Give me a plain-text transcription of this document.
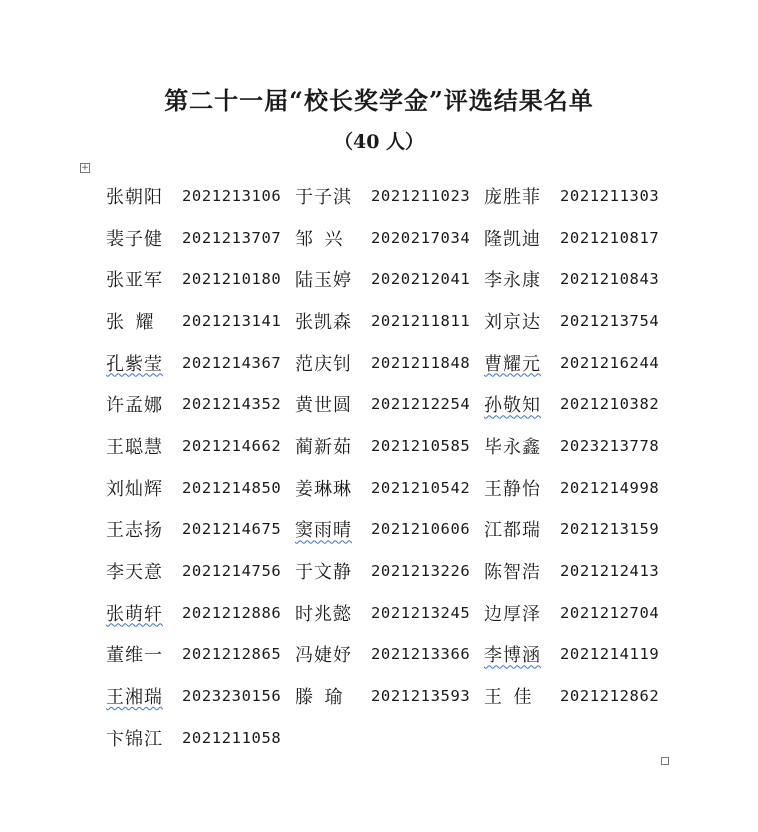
第二十一届“校长奖学金”评选结果名单
（40 人）
+
张朝阳	2021213106 于子淇	2021211023 庞胜菲	2021211303
裴子健	2021213707 邹  兴	2020217034 隆凯迪	2021210817
张亚军	2021210180 陆玉婷	2020212041 李永康	2021210843
张  耀	2021213141 张凯森	2021211811 刘京达	2021213754
孔紫莹	2021214367 范庆钊	2021211848 曹耀元	2021216244
许孟娜	2021214352 黄世圆	2021212254 孙敬知	2021210382
王聪慧	2021214662 蔺新茹	2021210585 毕永鑫	2023213778
刘灿辉	2021214850 姜琳琳	2021210542 王静怡	2021214998
王志扬	2021214675 窦雨晴	2021210606 江都瑞	2021213159
李天意	2021214756 于文静	2021213226 陈智浩	2021212413
张萌轩	2021212886 时兆懿	2021213245 边厚泽	2021212704
董维一	2021212865 冯婕妤	2021213366 李博涵	2021214119
王湘瑞	2023230156 滕  瑜	2021213593 王  佳	2021212862
卞锦江	2021211058
